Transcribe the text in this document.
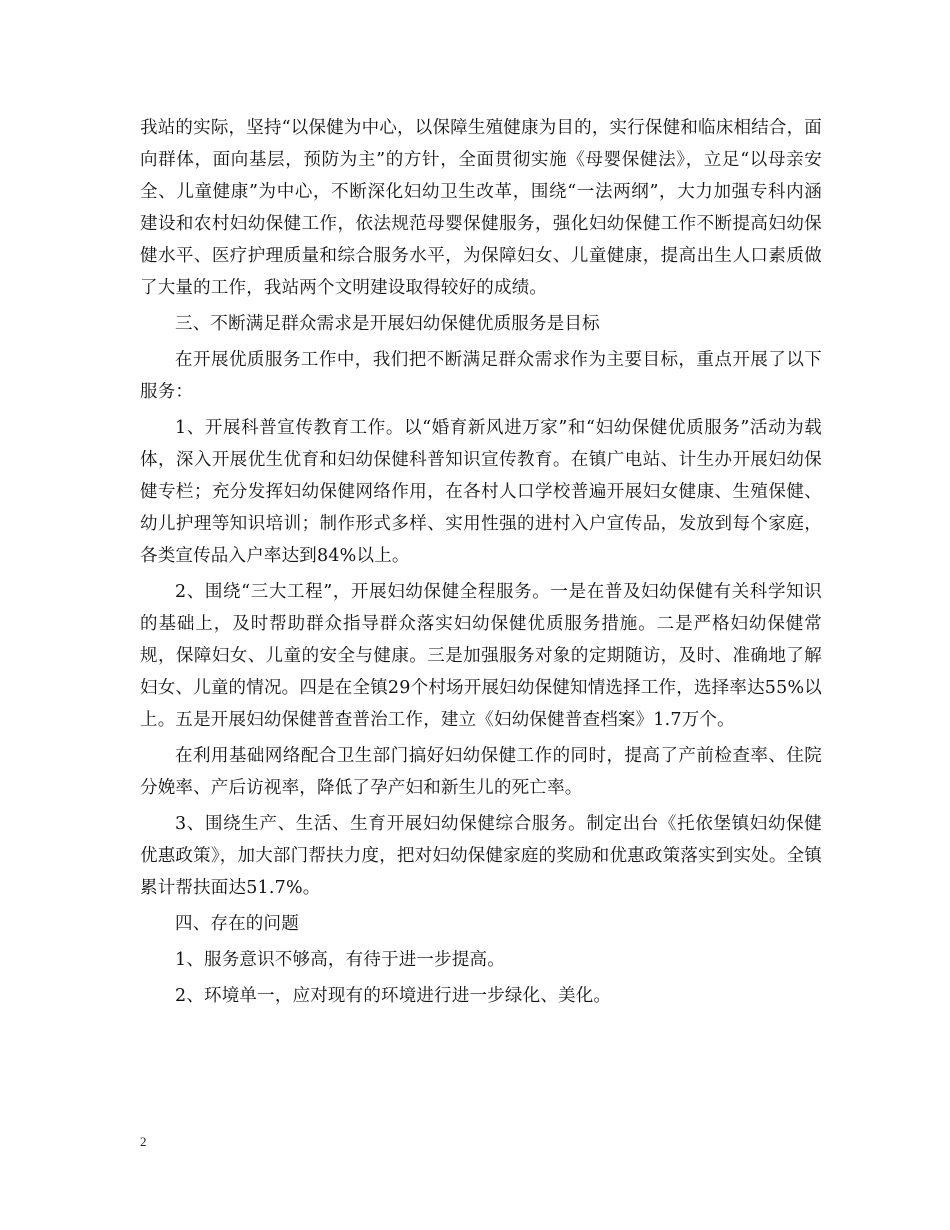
我站的实际，坚持“以保健为中心，以保障生殖健康为目的，实行保健和临床相结合，面向群体，面向基层，预防为主”的方针，全面贯彻实施《母婴保健法》，立足“以母亲安全、儿童健康”为中心，不断深化妇幼卫生改革，围绕“一法两纲”，大力加强专科内涵建设和农村妇幼保健工作，依法规范母婴保健服务，强化妇幼保健工作不断提高妇幼保健水平、医疗护理质量和综合服务水平，为保障妇女、儿童健康，提高出生人口素质做了大量的工作，我站两个文明建设取得较好的成绩。

三、不断满足群众需求是开展妇幼保健优质服务是目标

在开展优质服务工作中，我们把不断满足群众需求作为主要目标，重点开展了以下服务：

1、开展科普宣传教育工作。以“婚育新风进万家”和“妇幼保健优质服务”活动为载体，深入开展优生优育和妇幼保健科普知识宣传教育。在镇广电站、计生办开展妇幼保健专栏；充分发挥妇幼保健网络作用，在各村人口学校普遍开展妇女健康、生殖保健、幼儿护理等知识培训；制作形式多样、实用性强的进村入户宣传品，发放到每个家庭，各类宣传品入户率达到84%以上。

2、围绕“三大工程”，开展妇幼保健全程服务。一是在普及妇幼保健有关科学知识的基础上，及时帮助群众指导群众落实妇幼保健优质服务措施。二是严格妇幼保健常规，保障妇女、儿童的安全与健康。三是加强服务对象的定期随访，及时、准确地了解妇女、儿童的情况。四是在全镇29个村场开展妇幼保健知情选择工作，选择率达55%以上。五是开展妇幼保健普查普治工作，建立《妇幼保健普查档案》1.7万个。

在利用基础网络配合卫生部门搞好妇幼保健工作的同时，提高了产前检查率、住院分娩率、产后访视率，降低了孕产妇和新生儿的死亡率。

3、围绕生产、生活、生育开展妇幼保健综合服务。制定出台《托依堡镇妇幼保健优惠政策》，加大部门帮扶力度，把对妇幼保健家庭的奖励和优惠政策落实到实处。全镇累计帮扶面达51.7%。

四、存在的问题

1、服务意识不够高，有待于进一步提高。

2、环境单一，应对现有的环境进行进一步绿化、美化。

2
